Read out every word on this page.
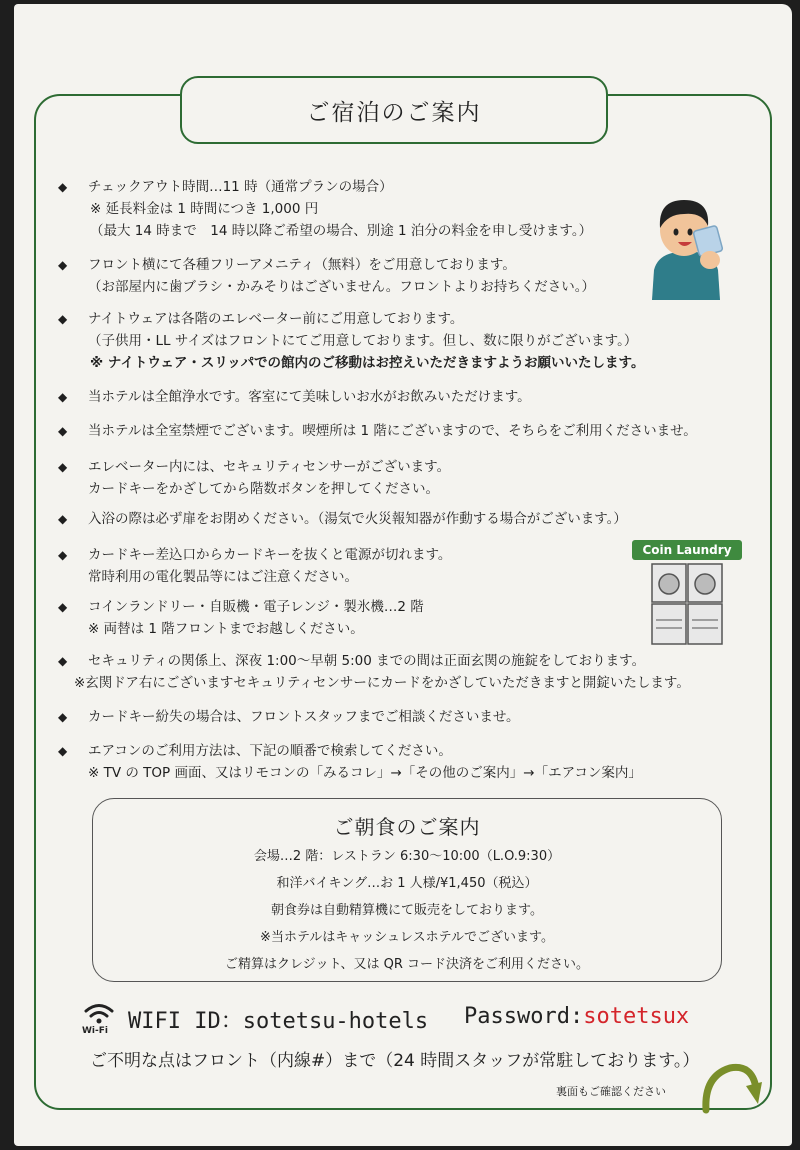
ご宿泊のご案内
◆ チェックアウト時間…11 時（通常プランの場合）
※ 延長料金は 1 時間につき 1,000 円
（最大 14 時まで　14 時以降ご希望の場合、別途 1 泊分の料金を申し受けます。）
◆ フロント横にて各種フリーアメニティ（無料）をご用意しております。
（お部屋内に歯ブラシ・かみそりはございません。フロントよりお持ちください。）
◆ ナイトウェアは各階のエレベーター前にご用意しております。
（子供用・LL サイズはフロントにてご用意しております。但し、数に限りがございます。）
※ ナイトウェア・スリッパでの館内のご移動はお控えいただきますようお願いいたします。
◆ 当ホテルは全館浄水です。客室にて美味しいお水がお飲みいただけます。
◆ 当ホテルは全室禁煙でございます。喫煙所は 1 階にございますので、そちらをご利用くださいませ。
◆ エレベーター内には、セキュリティセンサーがございます。
カードキーをかざしてから階数ボタンを押してください。
◆ 入浴の際は必ず扉をお閉めください。（湯気で火災報知器が作動する場合がございます。）
◆ カードキー差込口からカードキーを抜くと電源が切れます。
常時利用の電化製品等にはご注意ください。
Coin Laundry
◆ コインランドリー・自販機・電子レンジ・製氷機…2 階
※ 両替は 1 階フロントまでお越しください。
◆ セキュリティの関係上、深夜 1:00～早朝 5:00 までの間は正面玄関の施錠をしております。
※玄関ドア右にございますセキュリティセンサーにカードをかざしていただきますと開錠いたします。
◆ カードキー紛失の場合は、フロントスタッフまでご相談くださいませ。
◆ エアコンのご利用方法は、下記の順番で検索してください。
※ TV の TOP 画面、又はリモコンの「みるコレ」→「その他のご案内」→「エアコン案内」
ご朝食のご案内
会場…2 階：レストラン 6:30～10:00（L.O.9:30）
和洋バイキング…お 1 人様/¥1,450（税込）
朝食券は自動精算機にて販売をしております。
※当ホテルはキャッシュレスホテルでございます。
ご精算はクレジット、又は QR コード決済をご利用ください。
Wi-Fi WIFI ID：sotetsu-hotels Password:sotetsux
ご不明な点はフロント（内線#）まで（24 時間スタッフが常駐しております。）
裏面もご確認ください
